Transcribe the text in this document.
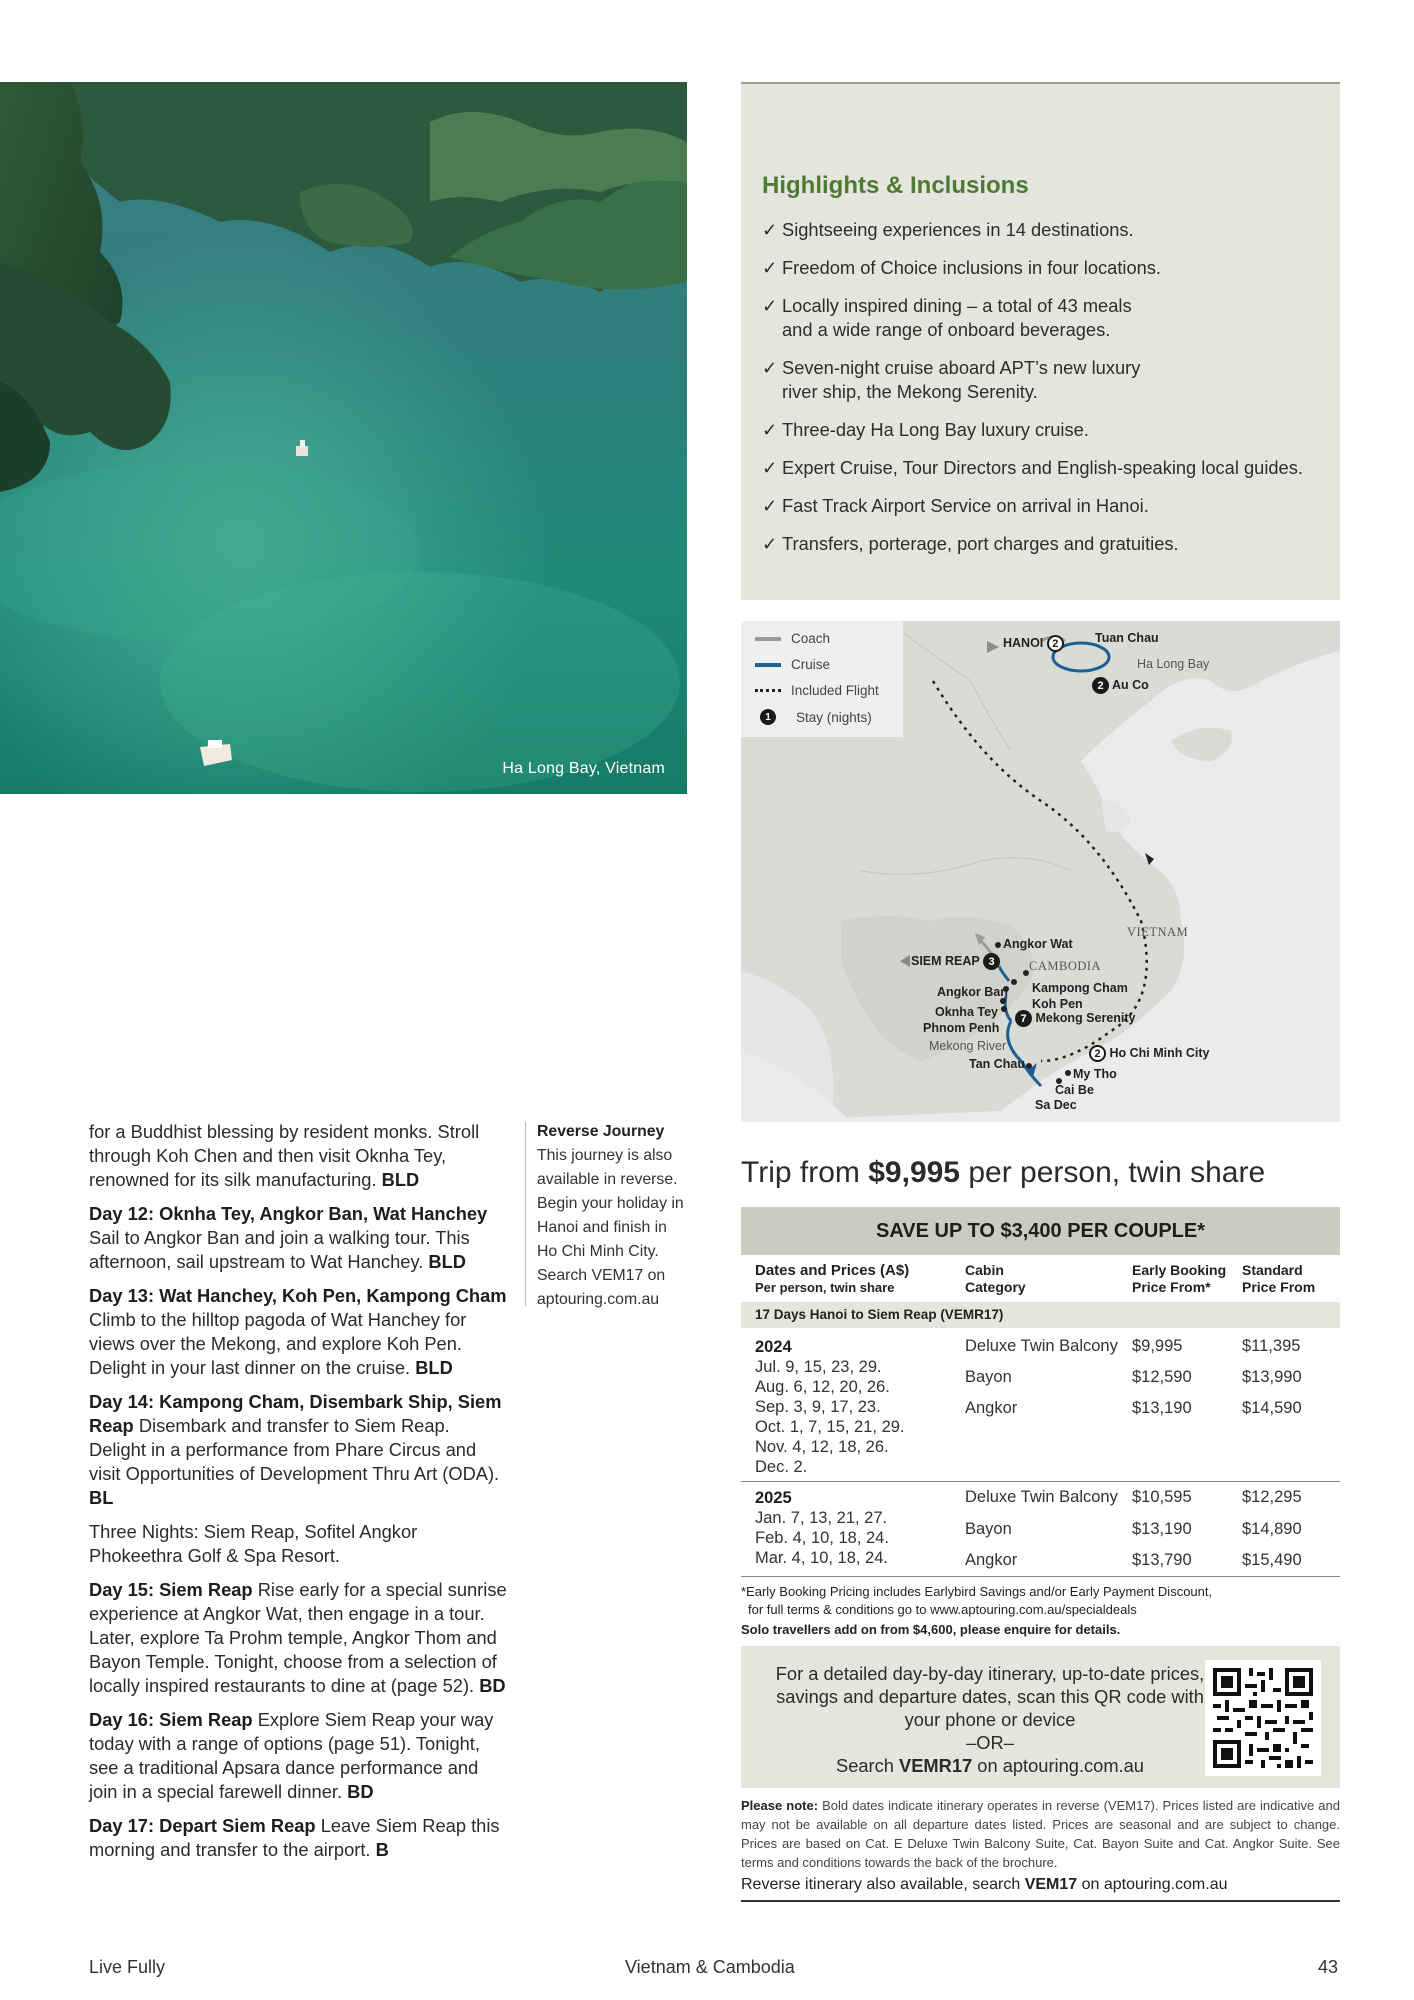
Ha Long Bay, Vietnam
Highlights & Inclusions
✓ Sightseeing experiences in 14 destinations.
✓ Freedom of Choice inclusions in four locations.
✓ Locally inspired dining – a total of 43 meals and a wide range of onboard beverages.
✓ Seven-night cruise aboard APT’s new luxury river ship, the Mekong Serenity.
✓ Three-day Ha Long Bay luxury cruise.
✓ Expert Cruise, Tour Directors and English-speaking local guides.
✓ Fast Track Airport Service on arrival in Hanoi.
✓ Transfers, porterage, port charges and gratuities.
Coach
Cruise
Included Flight
1	Stay (nights)
HANOI 2	Tuan Chau
Ha Long Bay
2 Au Co
VIETNAM
CAMBODIA
Angkor Wat
SIEM REAP 3
Angkor Ban Kampong Cham
Koh Pen
Oknha Tey	7 Mekong Serenity
Phnom Penh
Mekong River
2 Ho Chi Minh City
Tan Chau
My Tho
Cai Be
Sa Dec

for a Buddhist blessing by resident monks. Stroll through Koh Chen and then visit Oknha Tey, renowned for its silk manufacturing. BLD

Day 12: Oknha Tey, Angkor Ban, Wat Hanchey
Sail to Angkor Ban and join a walking tour. This afternoon, sail upstream to Wat Hanchey. BLD

Day 13: Wat Hanchey, Koh Pen, Kampong Cham
Climb to the hilltop pagoda of Wat Hanchey for views over the Mekong, and explore Koh Pen. Delight in your last dinner on the cruise. BLD

Day 14: Kampong Cham, Disembark Ship, Siem Reap Disembark and transfer to Siem Reap. Delight in a performance from Phare Circus and visit Opportunities of Development Thru Art (ODA). BL

Three Nights: Siem Reap, Sofitel Angkor Phokeethra Golf & Spa Resort.

Day 15: Siem Reap Rise early for a special sunrise experience at Angkor Wat, then engage in a tour. Later, explore Ta Prohm temple, Angkor Thom and Bayon Temple. Tonight, choose from a selection of locally inspired restaurants to dine at (page 52). BD

Day 16: Siem Reap Explore Siem Reap your way today with a range of options (page 51). Tonight, see a traditional Apsara dance performance and join in a special farewell dinner. BD

Day 17: Depart Siem Reap Leave Siem Reap this morning and transfer to the airport. B

Reverse Journey
This journey is also available in reverse. Begin your holiday in Hanoi and finish in Ho Chi Minh City. Search VEM17 on aptouring.com.au
Trip from $9,995 per person, twin share
SAVE UP TO $3,400 PER COUPLE*
Dates and Prices (A$)
Per person, twin share
Cabin
Category
Early Booking
Price From*
Standard
Price From
17 Days Hanoi to Siem Reap (VEMR17)
2024
Jul. 9, 15, 23, 29.
Aug. 6, 12, 20, 26.
Sep. 3, 9, 17, 23.
Oct. 1, 7, 15, 21, 29.
Nov. 4, 12, 18, 26.
Dec. 2.
Deluxe Twin Balcony $9,995	$11,395
Bayon	$12,590	$13,990
Angkor	$13,190	$14,590
2025
Jan. 7, 13, 21, 27.
Feb. 4, 10, 18, 24.
Mar. 4, 10, 18, 24.
Deluxe Twin Balcony $10,595	$12,295
Bayon	$13,190	$14,890
Angkor	$13,790	$15,490
*Early Booking Pricing includes Earlybird Savings and/or Early Payment Discount,
for full terms & conditions go to www.aptouring.com.au/specialdeals
Solo travellers add on from $4,600, please enquire for details.
For a detailed day-by-day itinerary, up-to-date prices, savings and departure dates, scan this QR code with your phone or device
–OR–
Search VEMR17 on aptouring.com.au
Please note: Bold dates indicate itinerary operates in reverse (VEM17). Prices listed are indicative and may not be available on all departure dates listed. Prices are seasonal and are subject to change. Prices are based on Cat. E Deluxe Twin Balcony Suite, Cat. Bayon Suite and Cat. Angkor Suite. See terms and conditions towards the back of the brochure.
Reverse itinerary also available, search VEM17 on aptouring.com.au
Live Fully	Vietnam & Cambodia	43
